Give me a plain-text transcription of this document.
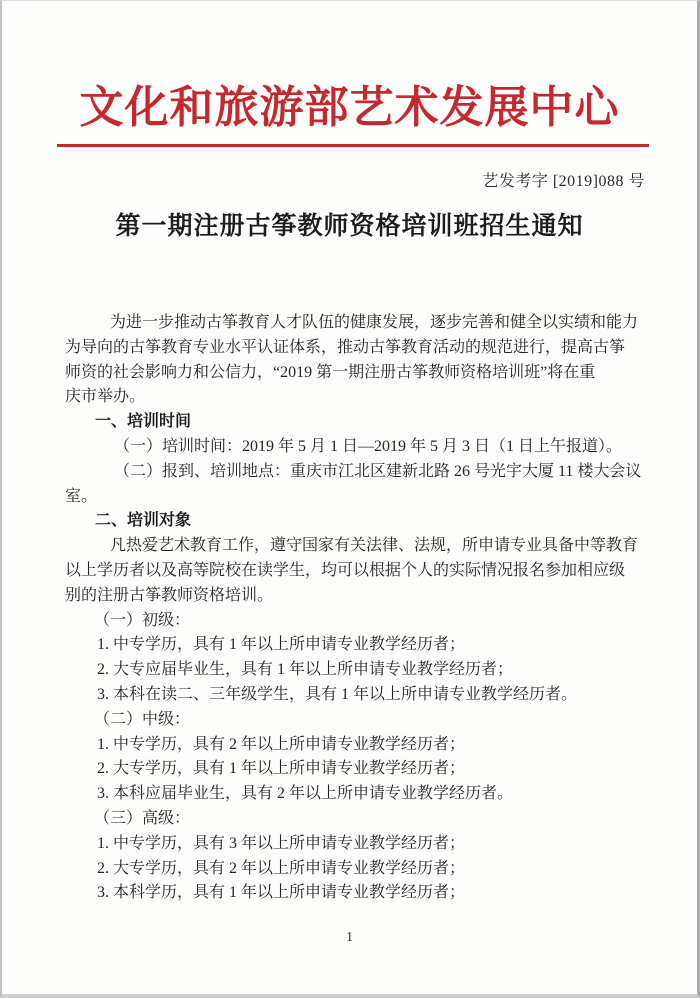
文化和旅游部艺术发展中心
艺发考字 [2019]088 号
第一期注册古筝教师资格培训班招生通知
为进一步推动古筝教育人才队伍的健康发展，逐步完善和健全以实绩和能力
为导向的古筝教育专业水平认证体系，推动古筝教育活动的规范进行，提高古筝
师资的社会影响力和公信力，“2019 第一期注册古筝教师资格培训班”将在重
庆市举办。
一、培训时间
（一）培训时间：2019 年 5 月 1 日—2019 年 5 月 3 日（1 日上午报道）。
（二）报到、培训地点：重庆市江北区建新北路 26 号光宇大厦 11 楼大会议
室。
二、培训对象
凡热爱艺术教育工作，遵守国家有关法律、法规，所申请专业具备中等教育
以上学历者以及高等院校在读学生，均可以根据个人的实际情况报名参加相应级
别的注册古筝教师资格培训。
（一）初级：
1. 中专学历，具有 1 年以上所申请专业教学经历者；
2. 大专应届毕业生，具有 1 年以上所申请专业教学经历者；
3. 本科在读二、三年级学生，具有 1 年以上所申请专业教学经历者。
（二）中级：
1. 中专学历，具有 2 年以上所申请专业教学经历者；
2. 大专学历，具有 1 年以上所申请专业教学经历者；
3. 本科应届毕业生，具有 2 年以上所申请专业教学经历者。
（三）高级：
1. 中专学历，具有 3 年以上所申请专业教学经历者；
2. 大专学历，具有 2 年以上所申请专业教学经历者；
3. 本科学历，具有 1 年以上所申请专业教学经历者；
1
